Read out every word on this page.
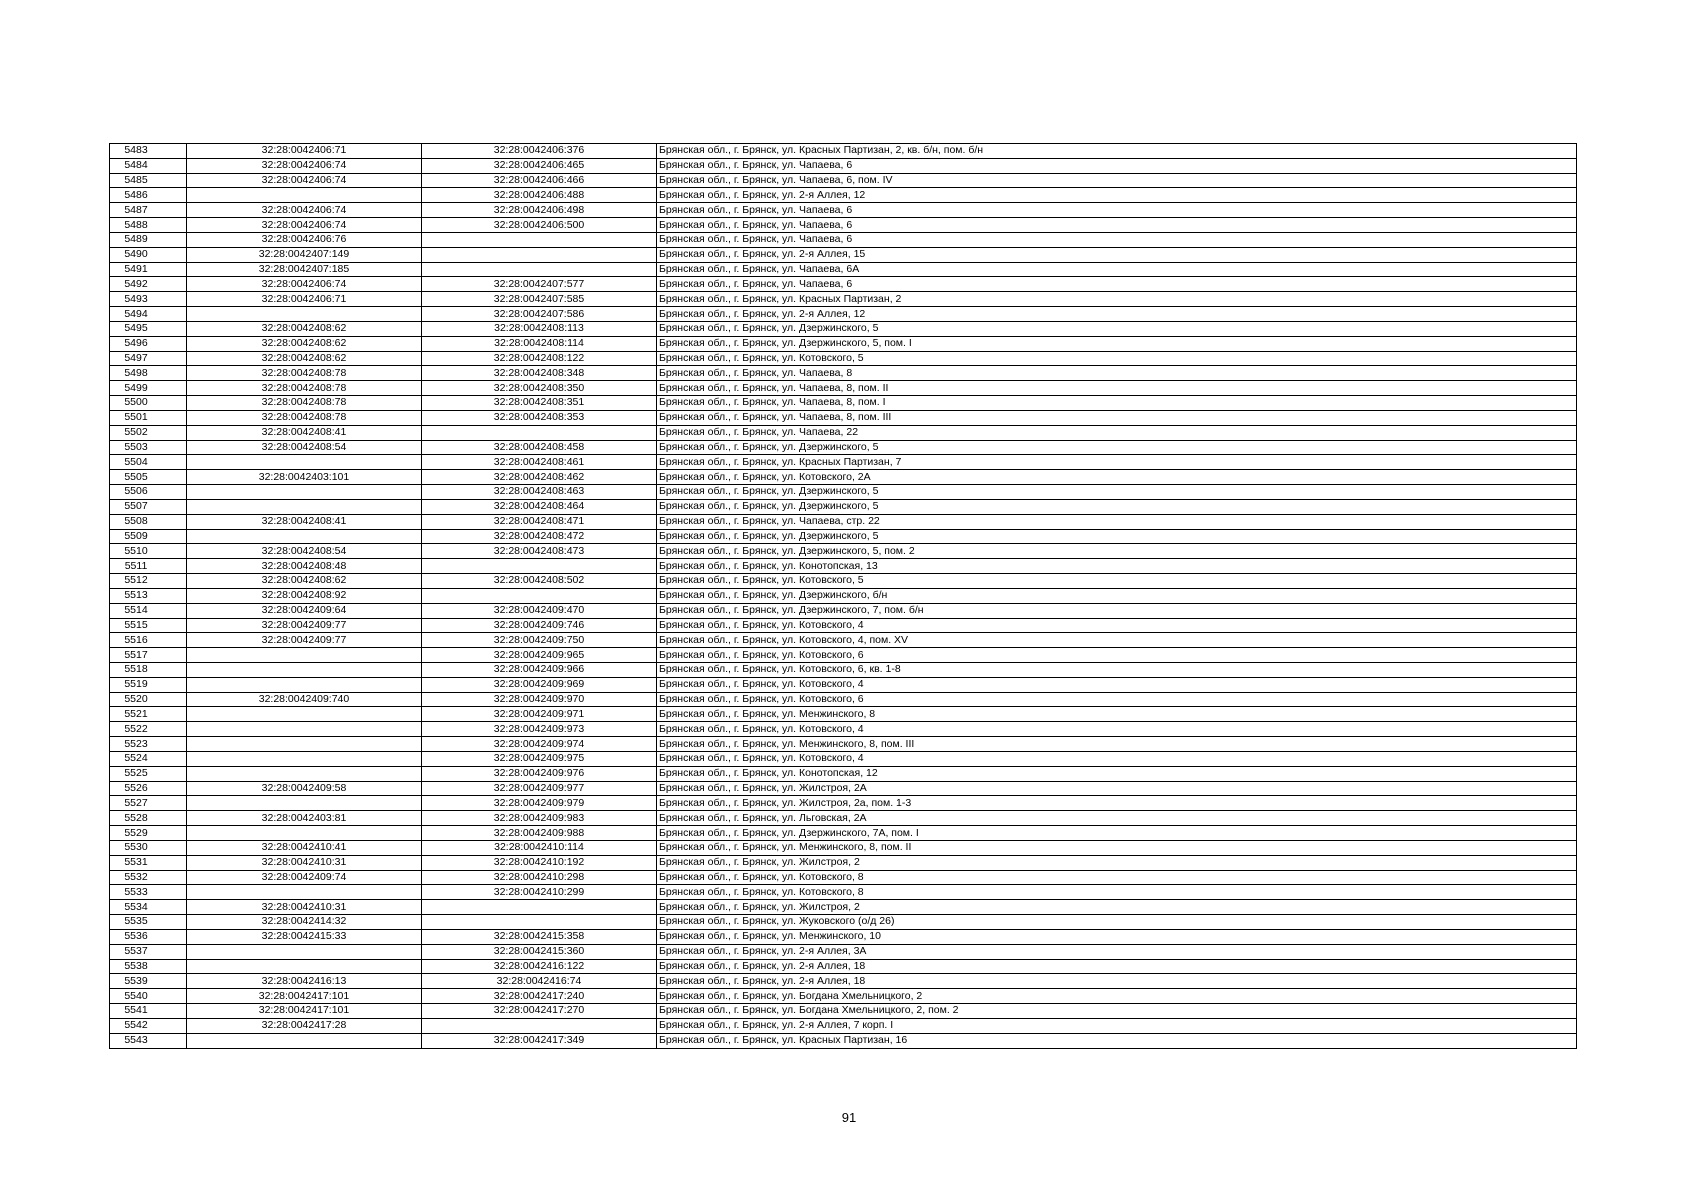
5483	32:28:0042406:71	32:28:0042406:376	Брянская обл., г. Брянск, ул. Красных Партизан, 2, кв. б/н, пом. б/н
5484	32:28:0042406:74	32:28:0042406:465	Брянская обл., г. Брянск, ул. Чапаева, 6
5485	32:28:0042406:74	32:28:0042406:466	Брянская обл., г. Брянск, ул. Чапаева, 6, пом. IV
5486		32:28:0042406:488	Брянская обл., г. Брянск, ул. 2-я Аллея, 12
5487	32:28:0042406:74	32:28:0042406:498	Брянская обл., г. Брянск, ул. Чапаева, 6
5488	32:28:0042406:74	32:28:0042406:500	Брянская обл., г. Брянск, ул. Чапаева, 6
5489	32:28:0042406:76		Брянская обл., г. Брянск, ул. Чапаева, 6
5490	32:28:0042407:149		Брянская обл., г. Брянск, ул. 2-я Аллея, 15
5491	32:28:0042407:185		Брянская обл., г. Брянск, ул. Чапаева, 6А
5492	32:28:0042406:74	32:28:0042407:577	Брянская обл., г. Брянск, ул. Чапаева, 6
5493	32:28:0042406:71	32:28:0042407:585	Брянская обл., г. Брянск, ул. Красных Партизан, 2
5494		32:28:0042407:586	Брянская обл., г. Брянск, ул. 2-я Аллея, 12
5495	32:28:0042408:62	32:28:0042408:113	Брянская обл., г. Брянск, ул. Дзержинского, 5
5496	32:28:0042408:62	32:28:0042408:114	Брянская обл., г. Брянск, ул. Дзержинского, 5, пом. I
5497	32:28:0042408:62	32:28:0042408:122	Брянская обл., г. Брянск, ул. Котовского, 5
5498	32:28:0042408:78	32:28:0042408:348	Брянская обл., г. Брянск, ул. Чапаева, 8
5499	32:28:0042408:78	32:28:0042408:350	Брянская обл., г. Брянск, ул. Чапаева, 8, пом. II
5500	32:28:0042408:78	32:28:0042408:351	Брянская обл., г. Брянск, ул. Чапаева, 8, пом. I
5501	32:28:0042408:78	32:28:0042408:353	Брянская обл., г. Брянск, ул. Чапаева, 8, пом. III
5502	32:28:0042408:41		Брянская обл., г. Брянск, ул. Чапаева, 22
5503	32:28:0042408:54	32:28:0042408:458	Брянская обл., г. Брянск, ул. Дзержинского, 5
5504		32:28:0042408:461	Брянская обл., г. Брянск, ул. Красных Партизан, 7
5505	32:28:0042403:101	32:28:0042408:462	Брянская обл., г. Брянск, ул. Котовского, 2А
5506		32:28:0042408:463	Брянская обл., г. Брянск, ул. Дзержинского, 5
5507		32:28:0042408:464	Брянская обл., г. Брянск, ул. Дзержинского, 5
5508	32:28:0042408:41	32:28:0042408:471	Брянская обл., г. Брянск, ул. Чапаева, стр. 22
5509		32:28:0042408:472	Брянская обл., г. Брянск, ул. Дзержинского, 5
5510	32:28:0042408:54	32:28:0042408:473	Брянская обл., г. Брянск, ул. Дзержинского, 5, пом. 2
5511	32:28:0042408:48		Брянская обл., г. Брянск, ул. Конотопская, 13
5512	32:28:0042408:62	32:28:0042408:502	Брянская обл., г. Брянск, ул. Котовского, 5
5513	32:28:0042408:92		Брянская обл., г. Брянск, ул. Дзержинского, б/н
5514	32:28:0042409:64	32:28:0042409:470	Брянская обл., г. Брянск, ул. Дзержинского, 7, пом. б/н
5515	32:28:0042409:77	32:28:0042409:746	Брянская обл., г. Брянск, ул. Котовского, 4
5516	32:28:0042409:77	32:28:0042409:750	Брянская обл., г. Брянск, ул. Котовского, 4, пом. XV
5517		32:28:0042409:965	Брянская обл., г. Брянск, ул. Котовского, 6
5518		32:28:0042409:966	Брянская обл., г. Брянск, ул. Котовского, 6, кв. 1-8
5519		32:28:0042409:969	Брянская обл., г. Брянск, ул. Котовского, 4
5520	32:28:0042409:740	32:28:0042409:970	Брянская обл., г. Брянск, ул. Котовского, 6
5521		32:28:0042409:971	Брянская обл., г. Брянск, ул. Менжинского, 8
5522		32:28:0042409:973	Брянская обл., г. Брянск, ул. Котовского, 4
5523		32:28:0042409:974	Брянская обл., г. Брянск, ул. Менжинского, 8, пом. III
5524		32:28:0042409:975	Брянская обл., г. Брянск, ул. Котовского, 4
5525		32:28:0042409:976	Брянская обл., г. Брянск, ул. Конотопская, 12
5526	32:28:0042409:58	32:28:0042409:977	Брянская обл., г. Брянск, ул. Жилстроя, 2А
5527		32:28:0042409:979	Брянская обл., г. Брянск, ул. Жилстроя, 2а, пом. 1-3
5528	32:28:0042403:81	32:28:0042409:983	Брянская обл., г. Брянск, ул. Льговская, 2А
5529		32:28:0042409:988	Брянская обл., г. Брянск, ул. Дзержинского, 7А, пом. I
5530	32:28:0042410:41	32:28:0042410:114	Брянская обл., г. Брянск, ул. Менжинского, 8, пом. II
5531	32:28:0042410:31	32:28:0042410:192	Брянская обл., г. Брянск, ул. Жилстроя, 2
5532	32:28:0042409:74	32:28:0042410:298	Брянская обл., г. Брянск, ул. Котовского, 8
5533		32:28:0042410:299	Брянская обл., г. Брянск, ул. Котовского, 8
5534	32:28:0042410:31		Брянская обл., г. Брянск, ул. Жилстроя, 2
5535	32:28:0042414:32		Брянская обл., г. Брянск, ул. Жуковского (о/д 26)
5536	32:28:0042415:33	32:28:0042415:358	Брянская обл., г. Брянск, ул. Менжинского, 10
5537		32:28:0042415:360	Брянская обл., г. Брянск, ул. 2-я Аллея, 3А
5538		32:28:0042416:122	Брянская обл., г. Брянск, ул. 2-я Аллея, 18
5539	32:28:0042416:13	32:28:0042416:74	Брянская обл., г. Брянск, ул. 2-я Аллея, 18
5540	32:28:0042417:101	32:28:0042417:240	Брянская обл., г. Брянск, ул. Богдана Хмельницкого, 2
5541	32:28:0042417:101	32:28:0042417:270	Брянская обл., г. Брянск, ул. Богдана Хмельницкого, 2, пом. 2
5542	32:28:0042417:28		Брянская обл., г. Брянск, ул. 2-я Аллея, 7 корп. I
5543		32:28:0042417:349	Брянская обл., г. Брянск, ул. Красных Партизан, 16
91
